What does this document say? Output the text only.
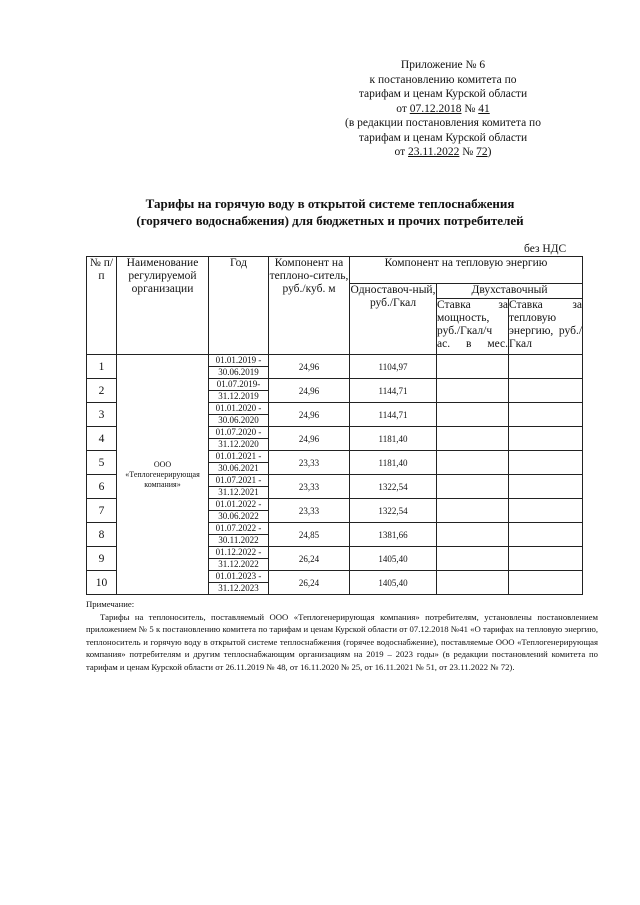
Приложение № 6
к постановлению комитета по
тарифам и ценам Курской области
от 07.12.2018 № 41
(в редакции постановления комитета по
тарифам и ценам Курской области
от 23.11.2022 № 72)
Тарифы на горячую воду в открытой системе теплоснабжения
(горячего водоснабжения) для бюджетных и прочих потребителей
без НДС
№ п/п	Наименование регулируемой организации	Год	Компонент на теплоно-ситель, руб./куб. м	Компонент на тепловую энергию		
				Одноставоч-ный, руб./Гкал	Двухставочный	
					Ставка за мощность, руб./Гкал/ч ас. в мес.	Ставка за тепловую энергию, руб./Гкал
1	ООО «Теплогенерирующая компания»	01.01.2019 -
30.06.2019	24,96	1104,97		
2		01.07.2019-
31.12.2019	24,96	1144,71		
3		01.01.2020 -
30.06.2020	24,96	1144,71		
4		01.07.2020 -
31.12.2020	24,96	1181,40		
5		01.01.2021 -
30.06.2021	23,33	1181,40		
6		01.07.2021 -
31.12.2021	23,33	1322,54		
7		01.01.2022 -
30.06.2022	23,33	1322,54		
8		01.07.2022 -
30.11.2022	24,85	1381,66		
9		01.12.2022 -
31.12.2022	26,24	1405,40		
10		01.01.2023 -
31.12.2023	26,24	1405,40		

Примечание:

Тарифы на теплоноситель, поставляемый ООО «Теплогенерирующая компания» потребителям, установлены постановлением приложением № 5 к постановлению комитета по тарифам и ценам Курской области от 07.12.2018 №41 «О тарифах на тепловую энергию, теплоноситель и горячую воду в открытой системе теплоснабжения (горячее водоснабжение), поставляемые ООО «Теплогенерирующая компания» потребителям и другим теплоснабжающим организациям на 2019 – 2023 годы» (в редакции постановлений комитета по тарифам и ценам Курской области от 26.11.2019 № 48, от 16.11.2020 № 25, от 16.11.2021 № 51, от 23.11.2022 № 72).
